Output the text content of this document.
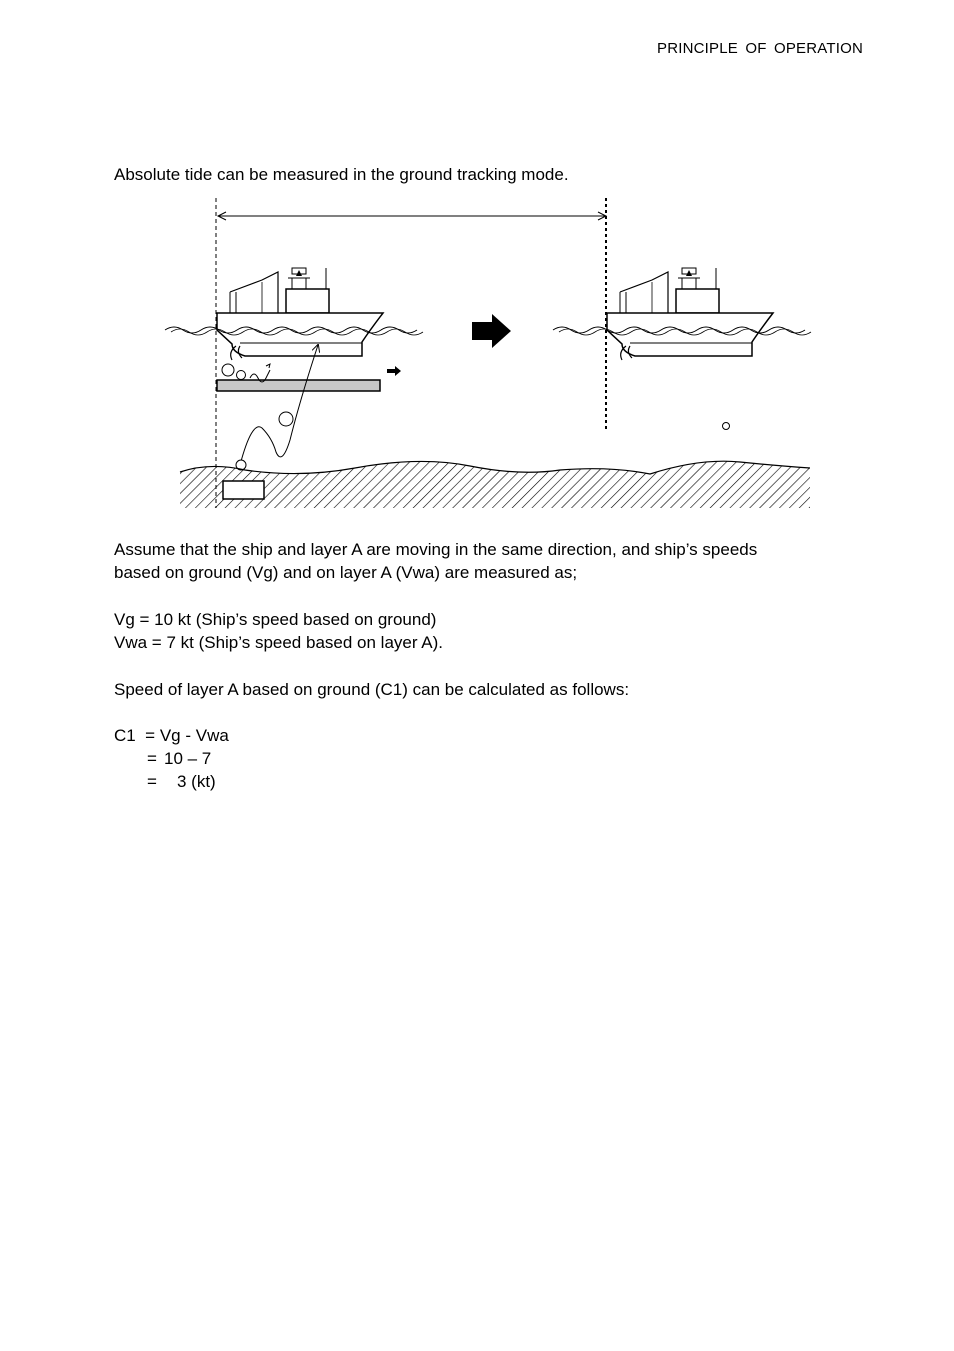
PRINCIPLE OF OPERATION
Absolute tide can be measured in the ground tracking mode.
Assume that the ship and layer A are moving in the same direction, and ship’s speeds
based on ground (Vg) and on layer A (Vwa) are measured as;
Vg = 10 kt (Ship’s speed based on ground)
Vwa = 7 kt (Ship’s speed based on layer A).
Speed of layer A based on ground (C1) can be calculated as follows:
C1  = Vg - Vwa
= 10 – 7
= 3 (kt)
